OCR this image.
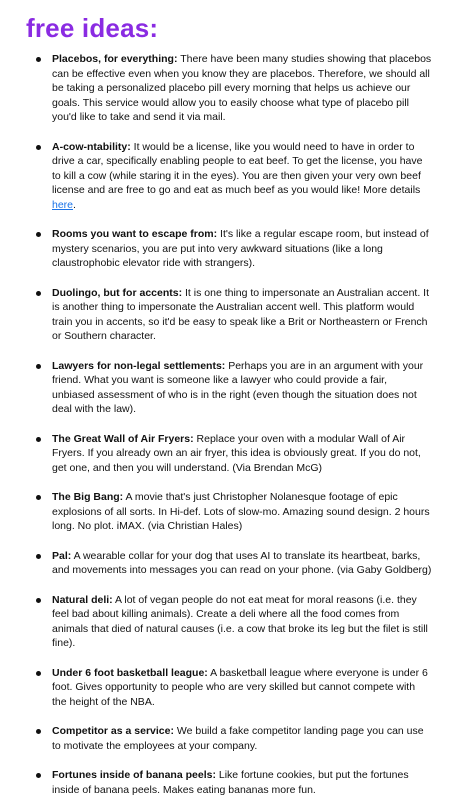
free ideas:
Placebos, for everything: There have been many studies showing that placebos can be effective even when you know they are placebos. Therefore, we should all be taking a personalized placebo pill every morning that helps us achieve our goals. This service would allow you to easily choose what type of placebo pill you'd like to take and send it via mail.
A-cow-ntability: It would be a license, like you would need to have in order to drive a car, specifically enabling people to eat beef. To get the license, you have to kill a cow (while staring it in the eyes). You are then given your very own beef license and are free to go and eat as much beef as you would like! More details here.
Rooms you want to escape from: It's like a regular escape room, but instead of mystery scenarios, you are put into very awkward situations (like a long claustrophobic elevator ride with strangers).
Duolingo, but for accents: It is one thing to impersonate an Australian accent. It is another thing to impersonate the Australian accent well. This platform would train you in accents, so it'd be easy to speak like a Brit or Northeastern or French or Southern character.
Lawyers for non-legal settlements: Perhaps you are in an argument with your friend. What you want is someone like a lawyer who could provide a fair, unbiased assessment of who is in the right (even though the situation does not deal with the law).
The Great Wall of Air Fryers: Replace your oven with a modular Wall of Air Fryers. If you already own an air fryer, this idea is obviously great. If you do not, get one, and then you will understand. (Via Brendan McG)
The Big Bang: A movie that's just Christopher Nolanesque footage of epic explosions of all sorts. In Hi-def. Lots of slow-mo. Amazing sound design. 2 hours long. No plot. iMAX. (via Christian Hales)
Pal: A wearable collar for your dog that uses AI to translate its heartbeat, barks, and movements into messages you can read on your phone. (via Gaby Goldberg)
Natural deli: A lot of vegan people do not eat meat for moral reasons (i.e. they feel bad about killing animals). Create a deli where all the food comes from animals that died of natural causes (i.e. a cow that broke its leg but the filet is still fine).
Under 6 foot basketball league: A basketball league where everyone is under 6 foot. Gives opportunity to people who are very skilled but cannot compete with the height of the NBA.
Competitor as a service: We build a fake competitor landing page you can use to motivate the employees at your company.
Fortunes inside of banana peels: Like fortune cookies, but put the fortunes inside of banana peels. Makes eating bananas more fun.
